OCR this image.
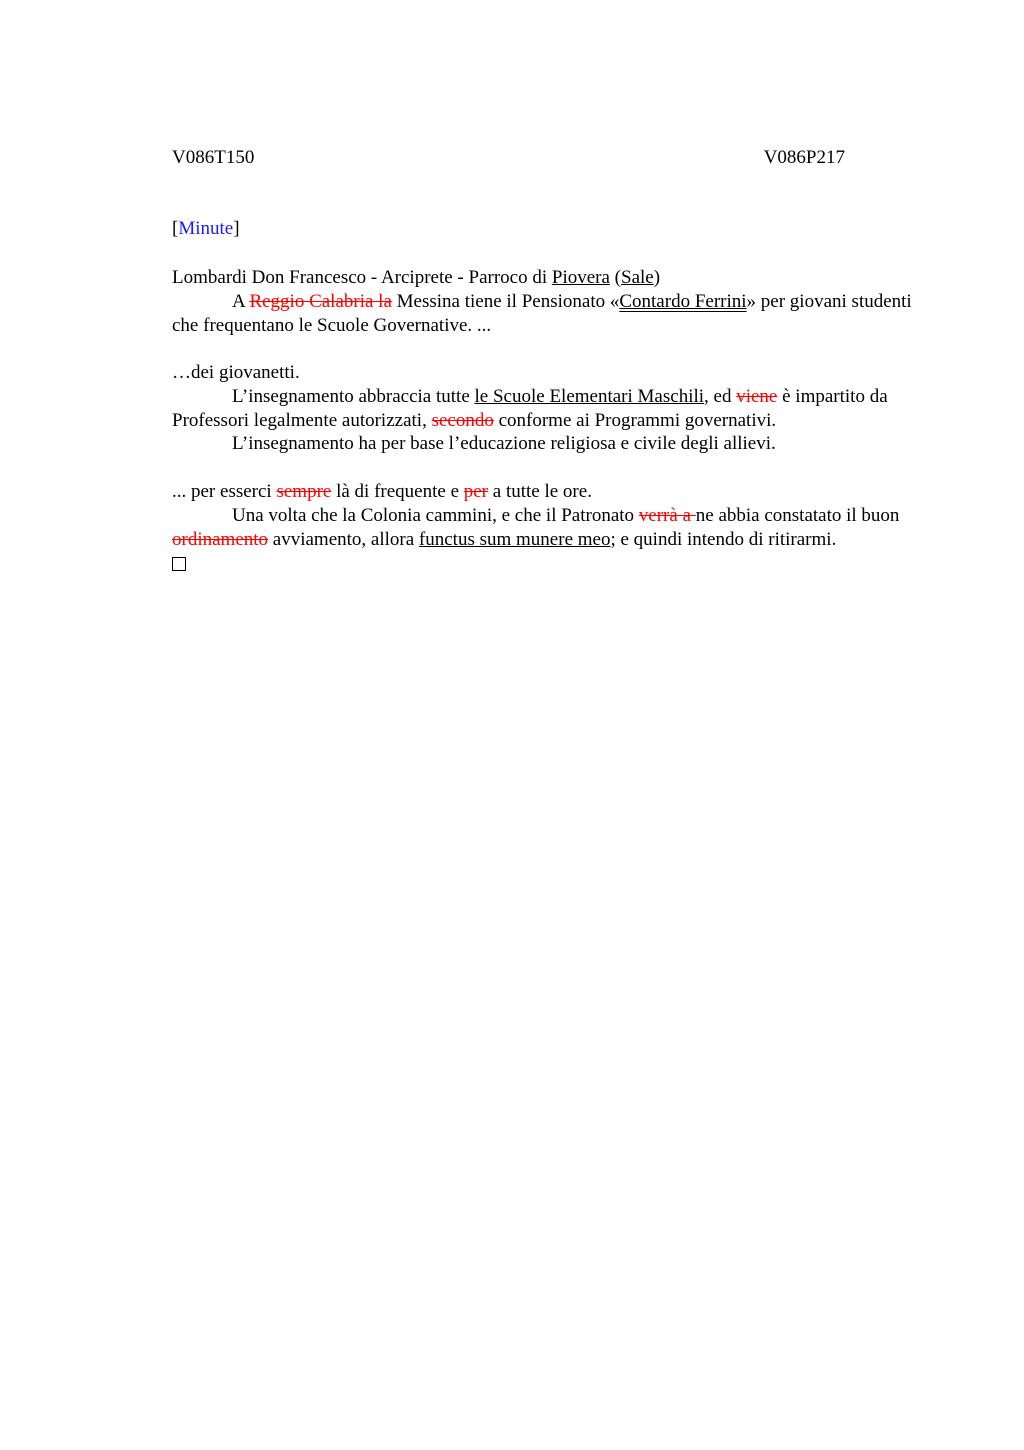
V086T150	V086P217
[Minute]

Lombardi Don Francesco - Arciprete - Parroco di Piovera (Sale)

A Reggio Calabria la Messina tiene il Pensionato «Contardo Ferrini» per giovani studenti che frequentano le Scuole Governative. ...

…dei giovanetti.

L’insegnamento abbraccia tutte le Scuole Elementari Maschili, ed viene è impartito da Professori legalmente autorizzati, secondo conforme ai Programmi governativi.

L’insegnamento ha per base l’educazione religiosa e civile degli allievi.

... per esserci sempre là di frequente e per a tutte le ore.

Una volta che la Colonia cammini, e che il Patronato verrà a ne abbia constatato il buon ordinamento avviamento, allora functus sum munere meo; e quindi intendo di ritirarmi.
